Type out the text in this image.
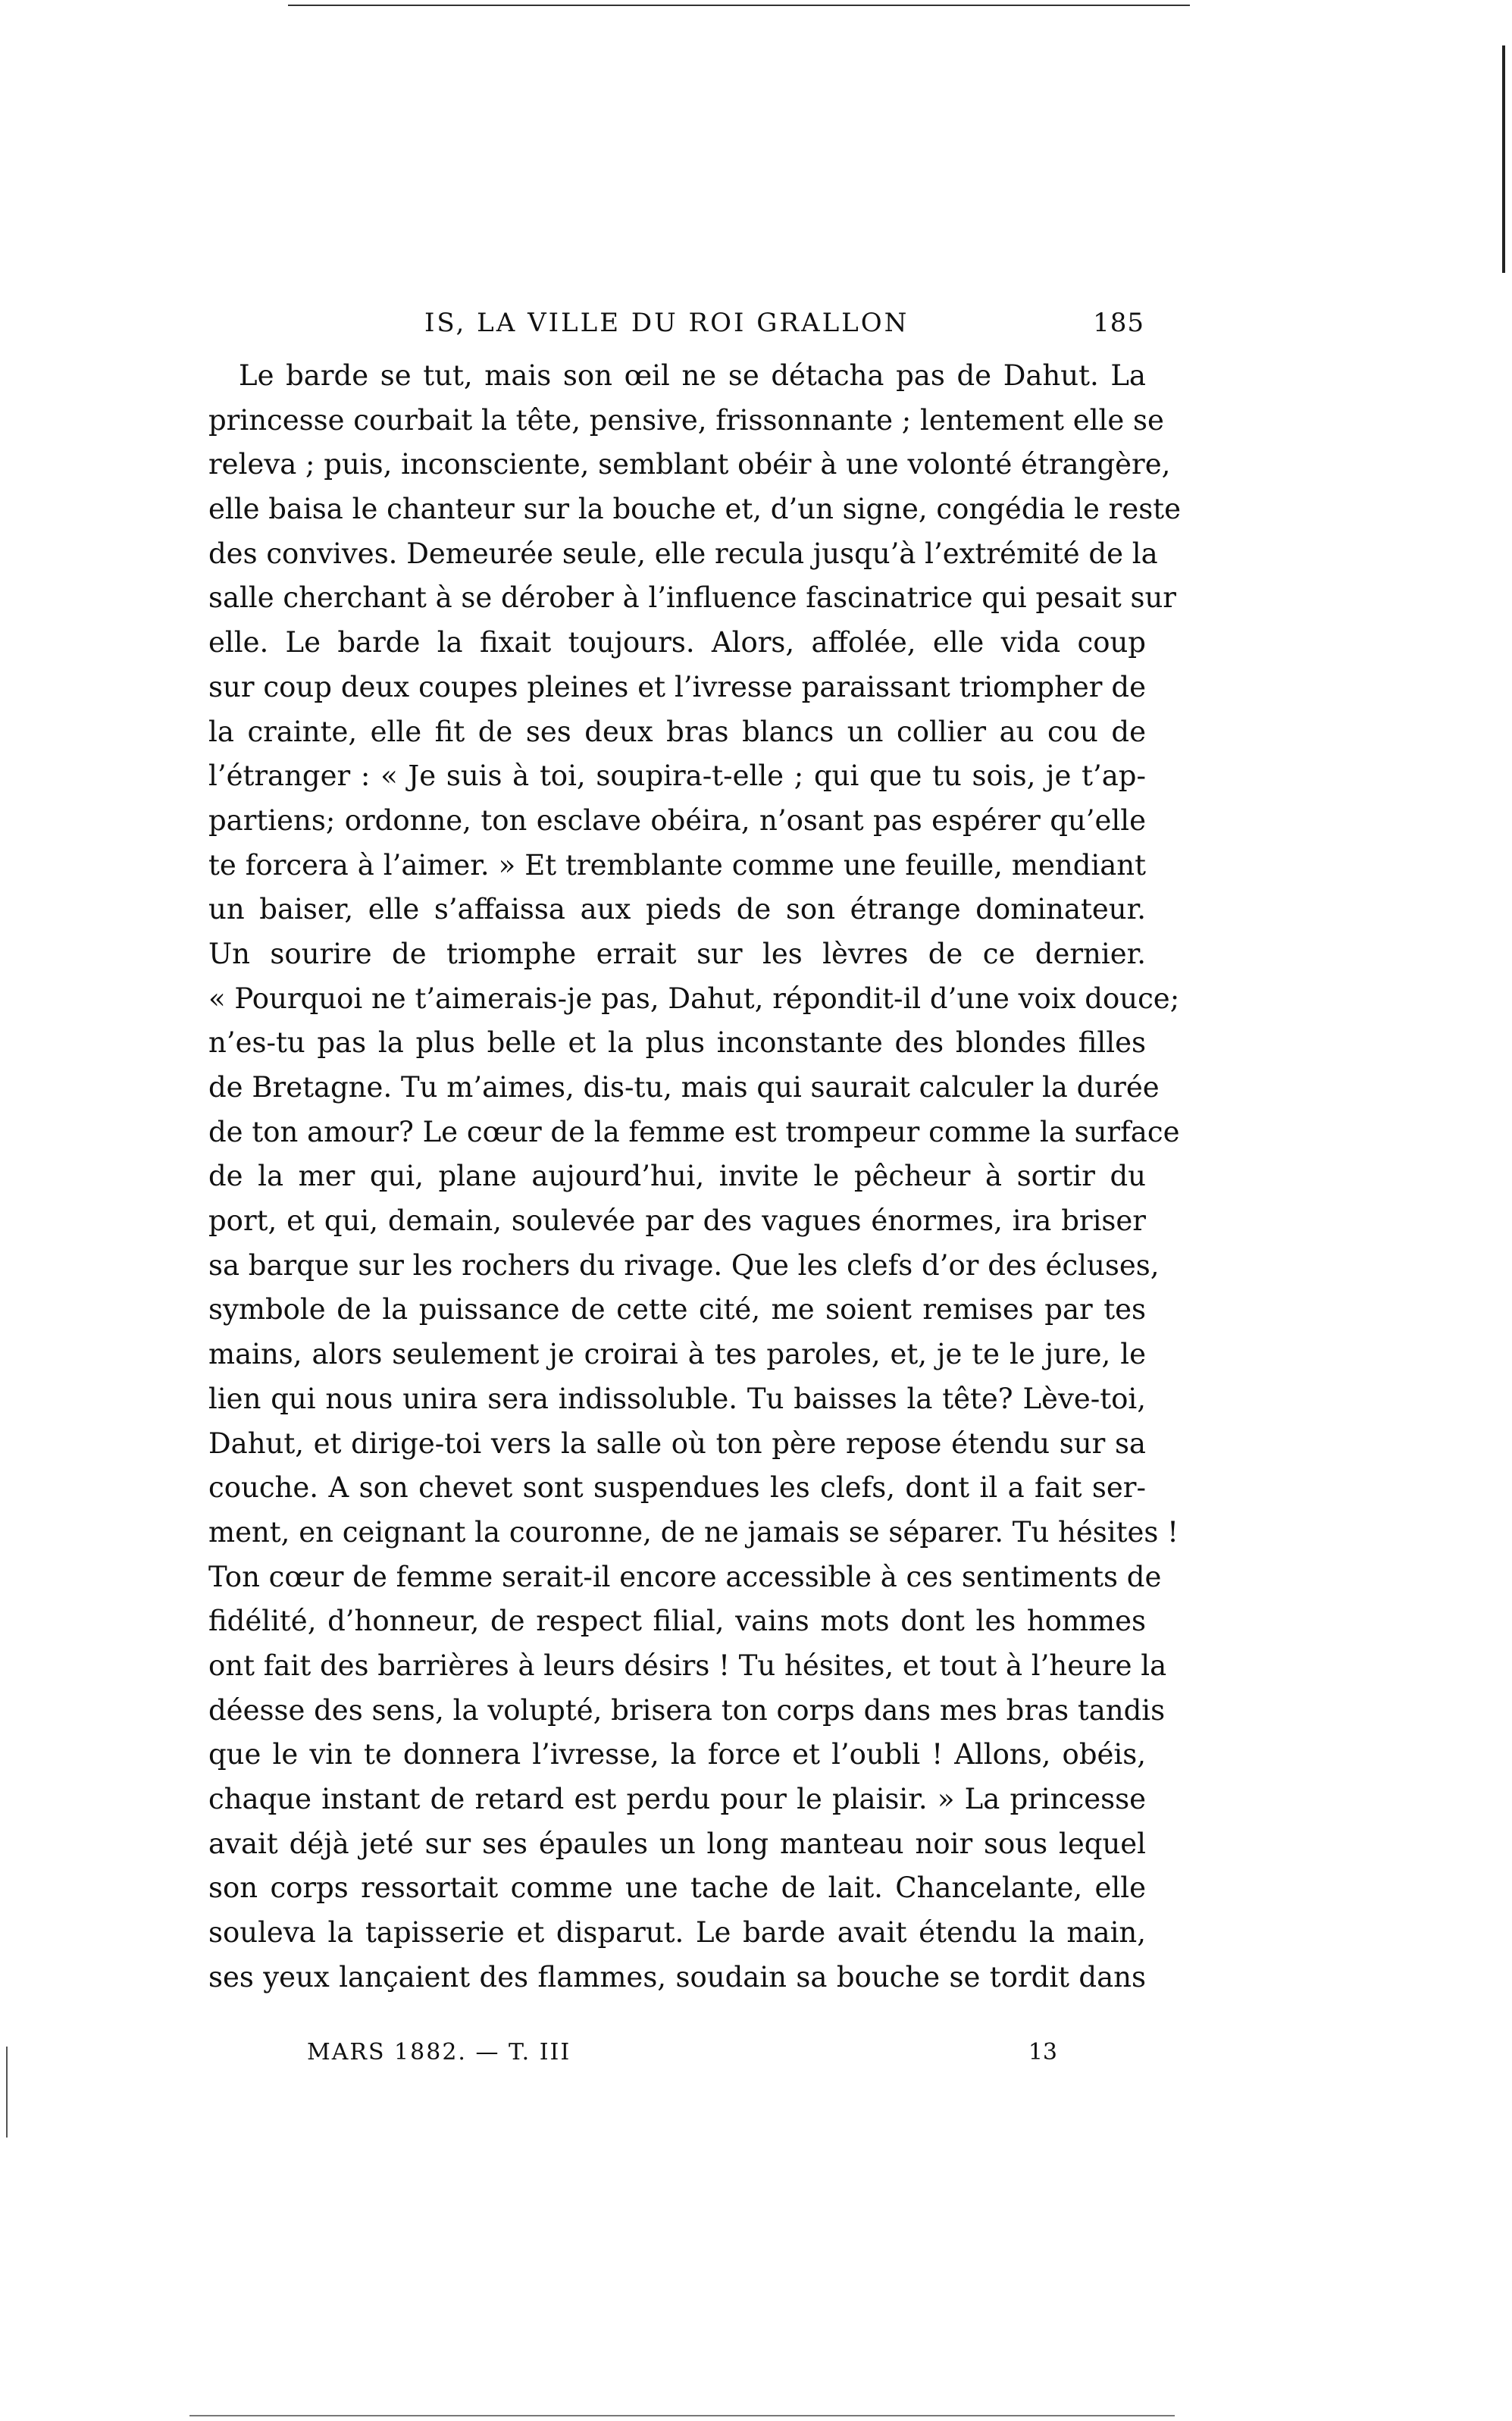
IS, LA VILLE DU ROI GRALLON	185
Le barde se tut, mais son œil ne se détacha pas de Dahut. La
princesse courbait la tête, pensive, frissonnante ; lentement elle se
releva ; puis, inconsciente, semblant obéir à une volonté étrangère,
elle baisa le chanteur sur la bouche et, d’un signe, congédia le reste
des convives. Demeurée seule, elle recula jusqu’à l’extrémité de la
salle cherchant à se dérober à l’influence fascinatrice qui pesait sur
elle. Le barde la fixait toujours. Alors, affolée, elle vida coup
sur coup deux coupes pleines et l’ivresse paraissant triompher de
la crainte, elle fit de ses deux bras blancs un collier au cou de
l’étranger : « Je suis à toi, soupira-t-elle ; qui que tu sois, je t’ap-
partiens; ordonne, ton esclave obéira, n’osant pas espérer qu’elle
te forcera à l’aimer. » Et tremblante comme une feuille, mendiant
un baiser, elle s’affaissa aux pieds de son étrange dominateur.
Un sourire de triomphe errait sur les lèvres de ce dernier.
« Pourquoi ne t’aimerais-je pas, Dahut, répondit-il d’une voix douce;
n’es-tu pas la plus belle et la plus inconstante des blondes filles
de Bretagne. Tu m’aimes, dis-tu, mais qui saurait calculer la durée
de ton amour? Le cœur de la femme est trompeur comme la surface
de la mer qui, plane aujourd’hui, invite le pêcheur à sortir du
port, et qui, demain, soulevée par des vagues énormes, ira briser
sa barque sur les rochers du rivage. Que les clefs d’or des écluses,
symbole de la puissance de cette cité, me soient remises par tes
mains, alors seulement je croirai à tes paroles, et, je te le jure, le
lien qui nous unira sera indissoluble. Tu baisses la tête? Lève-toi,
Dahut, et dirige-toi vers la salle où ton père repose étendu sur sa
couche. A son chevet sont suspendues les clefs, dont il a fait ser-
ment, en ceignant la couronne, de ne jamais se séparer. Tu hésites !
Ton cœur de femme serait-il encore accessible à ces sentiments de
fidélité, d’honneur, de respect filial, vains mots dont les hommes
ont fait des barrières à leurs désirs ! Tu hésites, et tout à l’heure la
déesse des sens, la volupté, brisera ton corps dans mes bras tandis
que le vin te donnera l’ivresse, la force et l’oubli ! Allons, obéis,
chaque instant de retard est perdu pour le plaisir. » La princesse
avait déjà jeté sur ses épaules un long manteau noir sous lequel
son corps ressortait comme une tache de lait. Chancelante, elle
souleva la tapisserie et disparut. Le barde avait étendu la main,
ses yeux lançaient des flammes, soudain sa bouche se tordit dans
MARS 1882. — T. III	13
